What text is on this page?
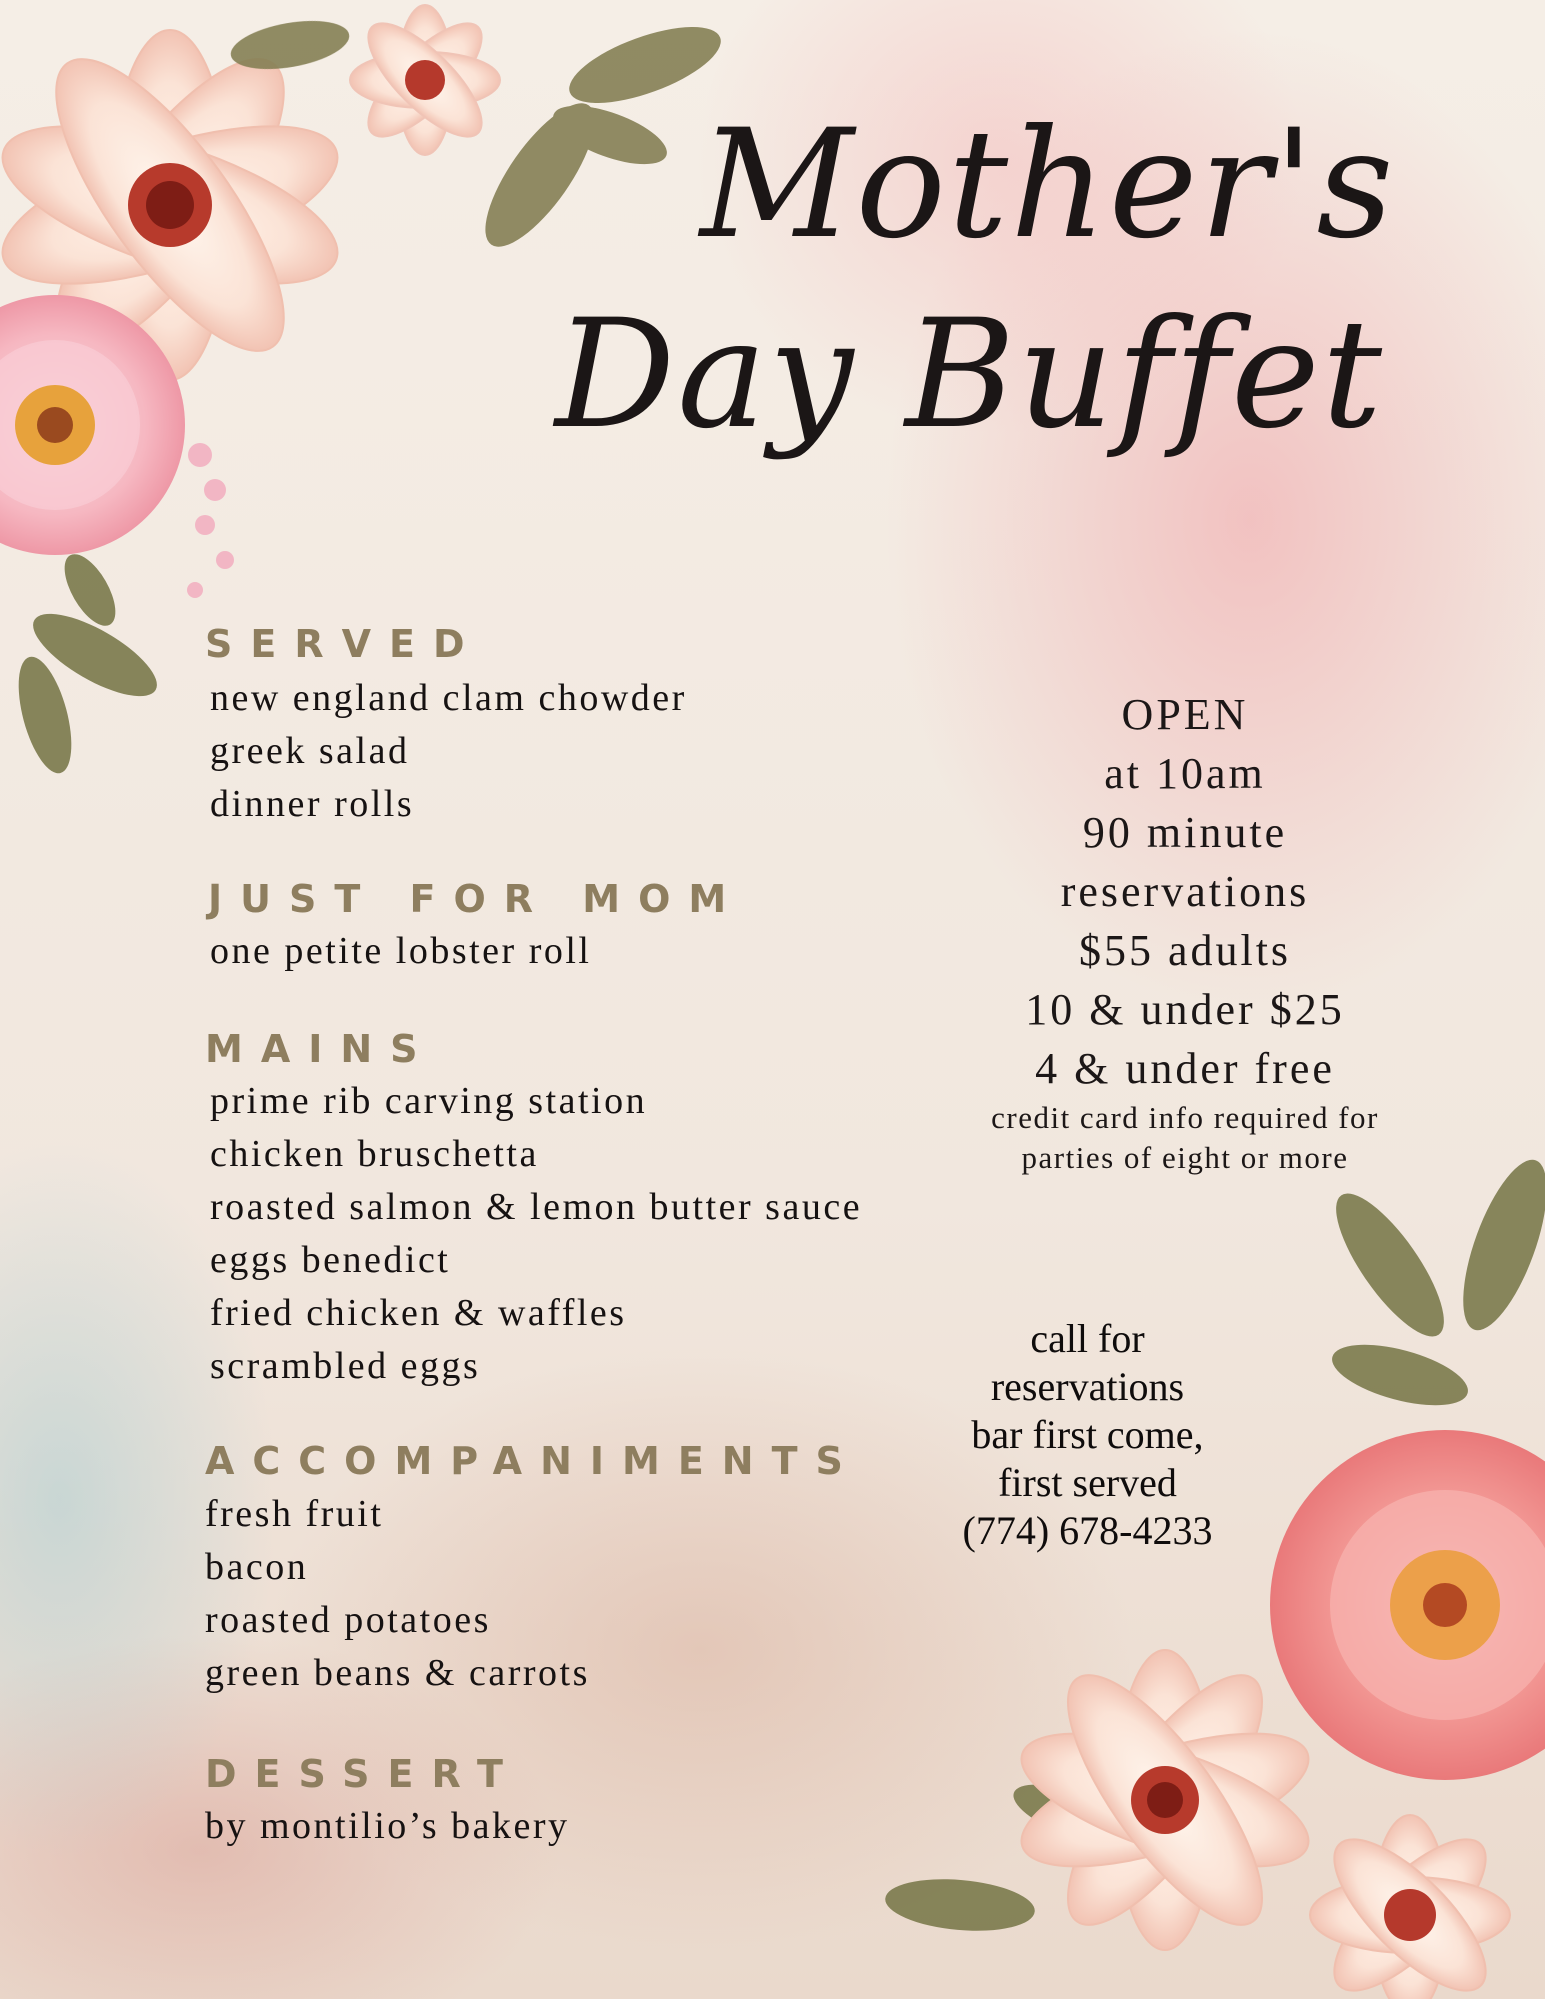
Mother's
Day Buffet
SERVED
new england clam chowder
greek salad
dinner rolls
JUST FOR MOM
one petite lobster roll
MAINS
prime rib carving station
chicken bruschetta
roasted salmon & lemon butter sauce
eggs benedict
fried chicken & waffles
scrambled eggs
ACCOMPANIMENTS
fresh fruit
bacon
roasted potatoes
green beans & carrots
DESSERT
by montilio’s bakery
OPEN
at 10am
90 minute
reservations
$55 adults
10 & under $25
4 & under free
credit card info required for
parties of eight or more
call for
reservations
bar first come,
first served
(774) 678-4233
